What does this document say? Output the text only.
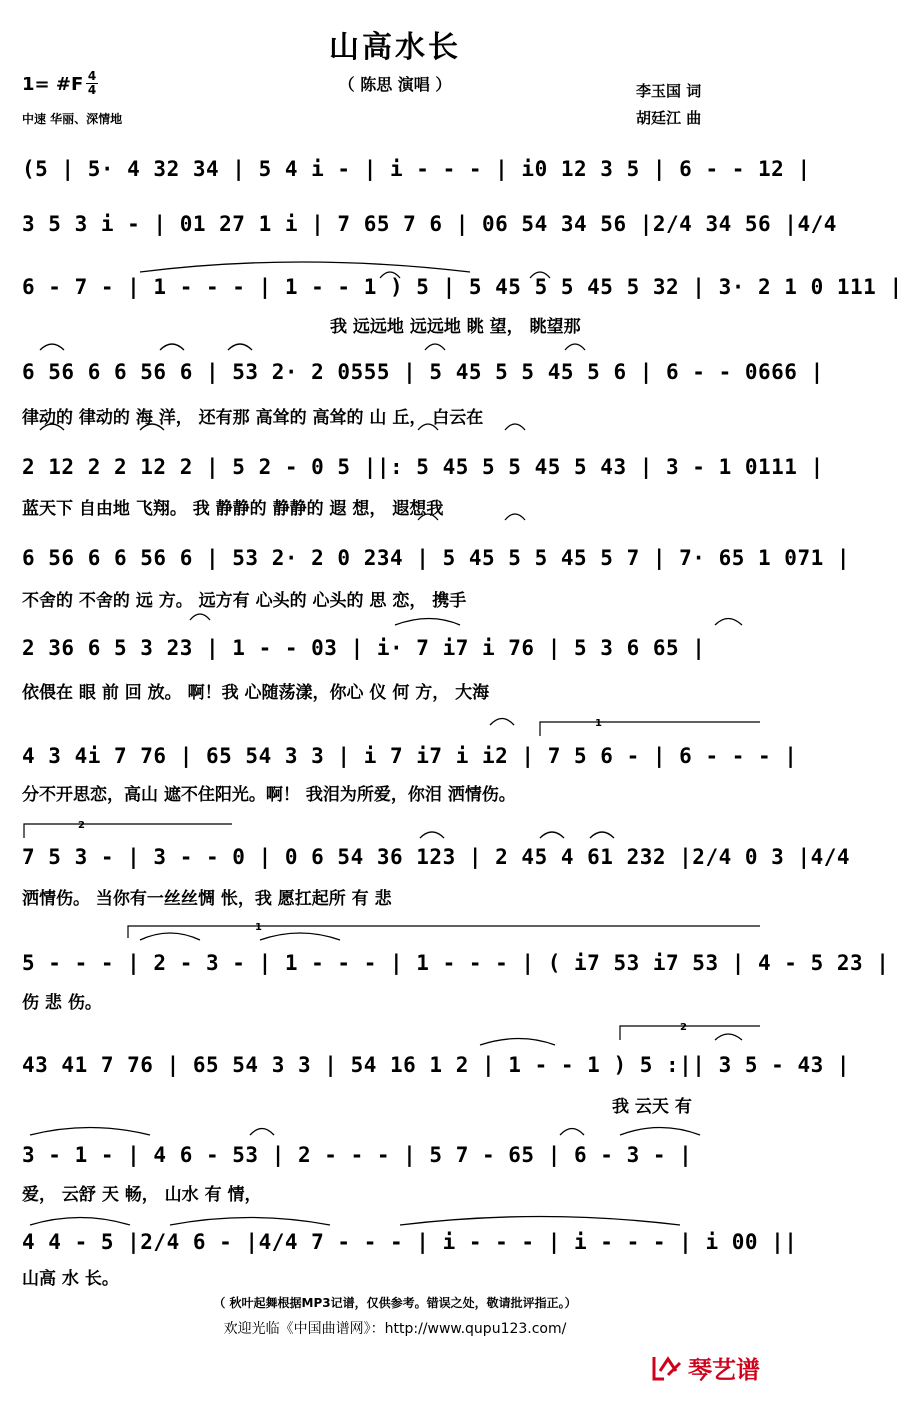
山高水长
（ 陈思 演唱 ）
1= #F 4
4
中速 华丽、深情地
李玉国 词
胡廷江 曲
1
2
1
2
(5 | 5· 4 32 34 | 5 4 i - | i - - - | i0 12 3 5 | 6 - - 12 |
3 5 3 i - | 01 27 1 i | 7 65 7 6 | 06 54 34 56 |2/4 34 56 |4/4
6 - 7 - | 1 - - - | 1 - - 1 ) 5 | 5 45 5 5 45 5 32 | 3· 2 1 0 111 |
我 远远地 远远地 眺 望， 眺望那
6 56 6 6 56 6 | 53 2· 2 0555 | 5 45 5 5 45 5 6 | 6 - - 0666 |
律动的 律动的 海 洋， 还有那 高耸的 高耸的 山 丘， 白云在
2 12 2 2 12 2 | 5 2 - 0 5 ||: 5 45 5 5 45 5 43 | 3 - 1 0111 |
蓝天下 自由地 飞翔。 我 静静的 静静的 遐 想， 遐想我
6 56 6 6 56 6 | 53 2· 2 0 234 | 5 45 5 5 45 5 7 | 7· 65 1 071 |
不舍的 不舍的 远 方。 远方有 心头的 心头的 思 恋， 携手
2 36 6 5 3 23 | 1 - - 03 | i· 7 i7 i 76 | 5 3 6 65 |
依偎在 眼 前 回 放。 啊！我 心随荡漾，你心 仪 何 方， 大海
4 3 4i 7 76 | 65 54 3 3 | i 7 i7 i i2 | 7 5 6 - | 6 - - - |
分不开思恋，高山 遮不住阳光。啊！ 我泪为所爱，你泪 洒情伤。
7 5 3 - | 3 - - 0 | 0 6 54 36 123 | 2 45 4 61 232 |2/4 0 3 |4/4
洒情伤。 当你有一丝丝惆 怅，我 愿扛起所 有 悲
5 - - - | 2 - 3 - | 1 - - - | 1 - - - | ( i7 53 i7 53 | 4 - 5 23 |
伤 悲 伤。
43 41 7 76 | 65 54 3 3 | 54 16 1 2 | 1 - - 1 ) 5 :|| 3 5 - 43 |
我 云天 有
3 - 1 - | 4 6 - 53 | 2 - - - | 5 7 - 65 | 6 - 3 - |
爱， 云舒 天 畅， 山水 有 情，
4 4 - 5 |2/4 6 - |4/4 7 - - - | i - - - | i - - - | i 00 ||
山高 水 长。
（ 秋叶起舞根据MP3记谱，仅供参考。错误之处，敬请批评指正。）
欢迎光临《中国曲谱网》：http://www.qupu123.com/
琴艺谱
